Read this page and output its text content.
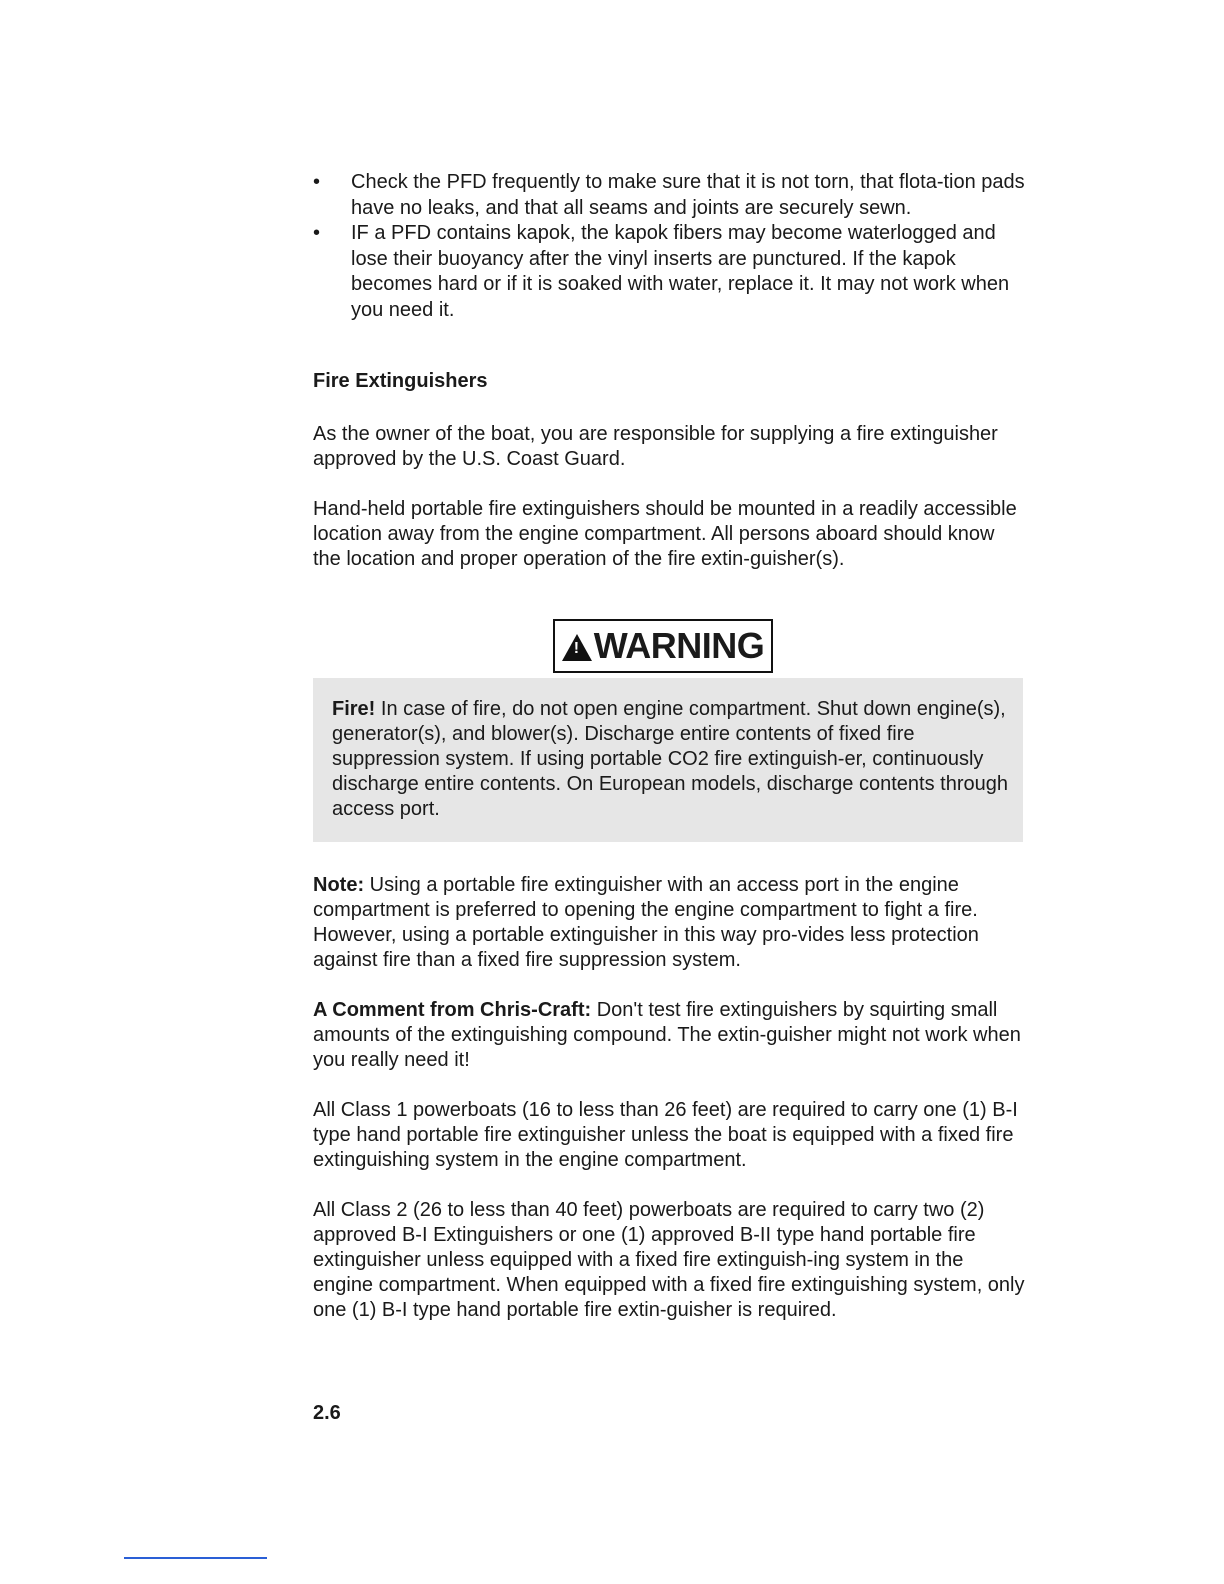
• Check the PFD frequently to make sure that it is not torn, that flota-tion pads have no leaks, and that all seams and joints are securely sewn.
• IF a PFD contains kapok, the kapok fibers may become waterlogged and lose their buoyancy after the vinyl inserts are punctured. If the kapok becomes hard or if it is soaked with water, replace it. It may not work when you need it.
Fire Extinguishers

As the owner of the boat, you are responsible for supplying a fire extinguisher approved by the U.S. Coast Guard.

Hand-held portable fire extinguishers should be mounted in a readily accessible location away from the engine compartment. All persons aboard should know the location and proper operation of the fire extin-guisher(s).

!
WARNING

Fire! In case of fire, do not open engine compartment. Shut down engine(s), generator(s), and blower(s). Discharge entire contents of fixed fire suppression system. If using portable CO2 fire extinguish-er, continuously discharge entire contents. On European models, discharge contents through access port.

Note: Using a portable fire extinguisher with an access port in the engine compartment is preferred to opening the engine compartment to fight a fire. However, using a portable extinguisher in this way pro-vides less protection against fire than a fixed fire suppression system.

A Comment from Chris-Craft: Don't test fire extinguishers by squirting small amounts of the extinguishing compound. The extin-guisher might not work when you really need it!

All Class 1 powerboats (16 to less than 26 feet) are required to carry one (1) B-I type hand portable fire extinguisher unless the boat is equipped with a fixed fire extinguishing system in the engine compartment.

All Class 2 (26 to less than 40 feet) powerboats are required to carry two (2) approved B-I Extinguishers or one (1) approved B-II type hand portable fire extinguisher unless equipped with a fixed fire extinguish-ing system in the engine compartment. When equipped with a fixed fire extinguishing system, only one (1) B-I type hand portable fire extin-guisher is required.

2.6
